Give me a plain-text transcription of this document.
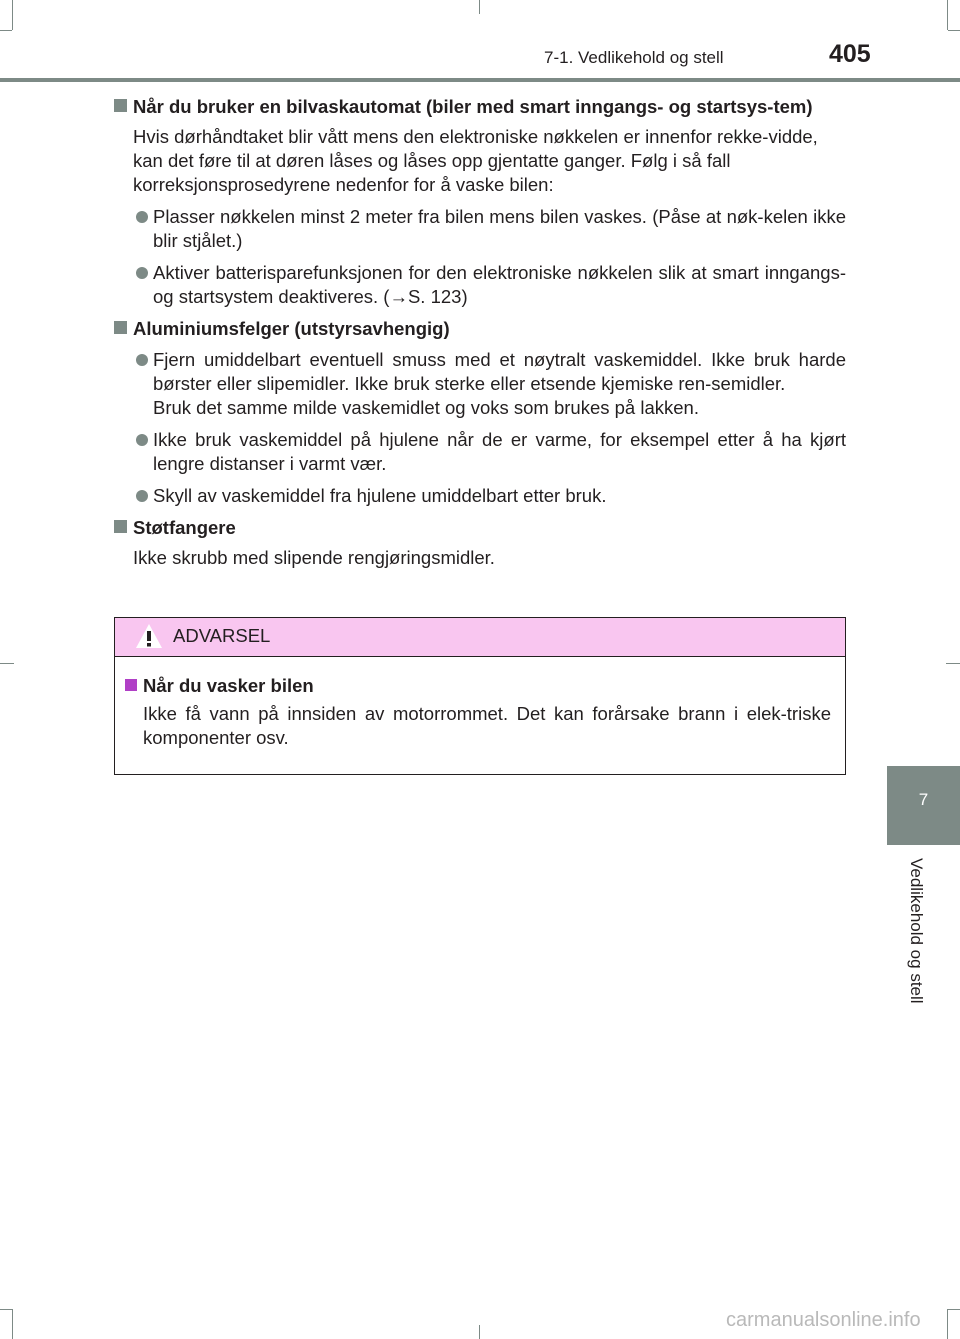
7-1. Vedlikehold og stell	405
7
Vedlikehold og stell
Når du bruker en bilvaskautomat (biler med smart inngangs- og startsys-tem)
Hvis dørhåndtaket blir vått mens den elektroniske nøkkelen er innenfor rekke-vidde, kan det føre til at døren låses og låses opp gjentatte ganger. Følg i så fall korreksjonsprosedyrene nedenfor for å vaske bilen:
Plasser nøkkelen minst 2 meter fra bilen mens bilen vaskes. (Påse at nøk-kelen ikke blir stjålet.)
Aktiver batterisparefunksjonen for den elektroniske nøkkelen slik at smart inngangs- og startsystem deaktiveres. (→S. 123)
Aluminiumsfelger (utstyrsavhengig)
Fjern umiddelbart eventuell smuss med et nøytralt vaskemiddel. Ikke bruk harde børster eller slipemidler. Ikke bruk sterke eller etsende kjemiske ren-semidler.
Bruk det samme milde vaskemidlet og voks som brukes på lakken.
Ikke bruk vaskemiddel på hjulene når de er varme, for eksempel etter å ha kjørt lengre distanser i varmt vær.
Skyll av vaskemiddel fra hjulene umiddelbart etter bruk.
Støtfangere
Ikke skrubb med slipende rengjøringsmidler.
ADVARSEL
Når du vasker bilen
Ikke få vann på innsiden av motorrommet. Det kan forårsake brann i elek-triske komponenter osv.
carmanualsonline.info
